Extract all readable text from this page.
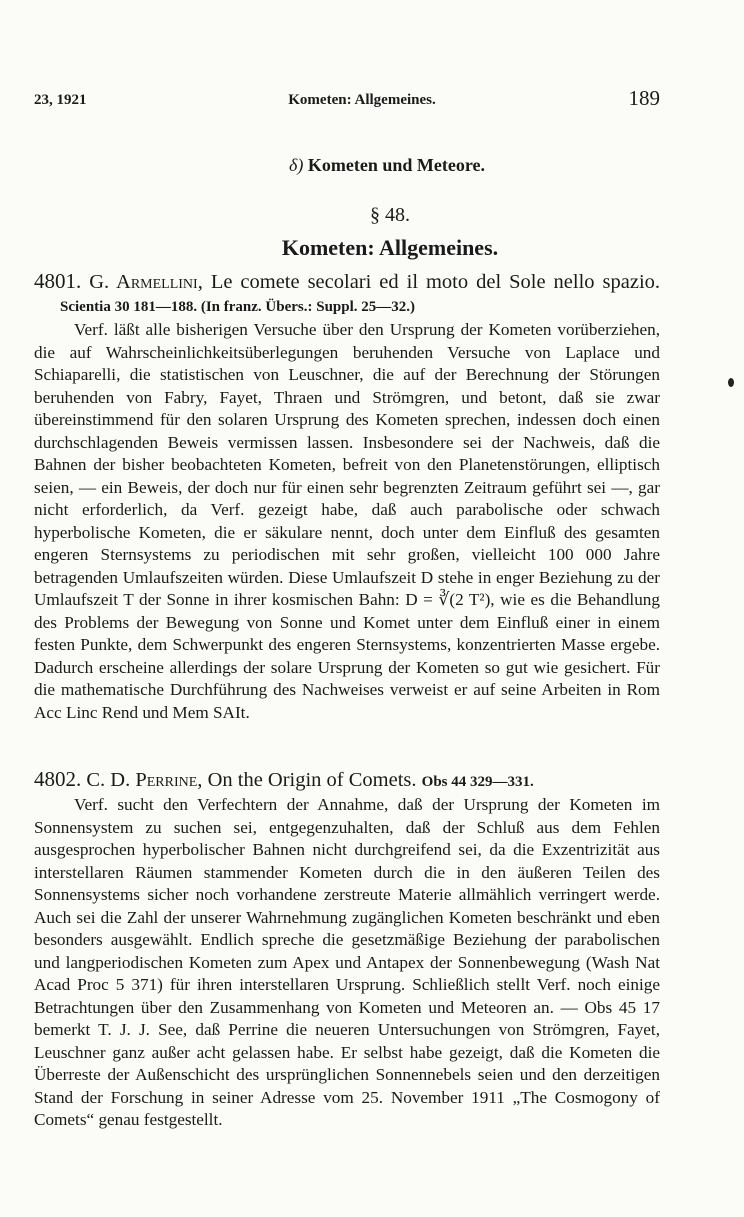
23, 1921	Kometen: Allgemeines.	189
δ) Kometen und Meteore.
§ 48.
Kometen: Allgemeines.
4801. G. Armellini, Le comete secolari ed il moto del Sole nello spazio. Scientia 30 181—188. (In franz. Übers.: Suppl. 25—32.)

Verf. läßt alle bisherigen Versuche über den Ursprung der Kometen vorüberziehen, die auf Wahrscheinlichkeitsüberlegungen beruhenden Versuche von Laplace und Schiaparelli, die statistischen von Leuschner, die auf der Berechnung der Störungen beruhenden von Fabry, Fayet, Thraen und Strömgren, und betont, daß sie zwar übereinstimmend für den solaren Ursprung des Kometen sprechen, indessen doch einen durchschlagenden Beweis vermissen lassen. Insbesondere sei der Nachweis, daß die Bahnen der bisher beobachteten Kometen, befreit von den Planetenstörungen, elliptisch seien, — ein Beweis, der doch nur für einen sehr begrenzten Zeitraum geführt sei —, gar nicht erforderlich, da Verf. gezeigt habe, daß auch parabolische oder schwach hyperbolische Kometen, die er säkulare nennt, doch unter dem Einfluß des gesamten engeren Sternsystems zu periodischen mit sehr großen, vielleicht 100 000 Jahre betragenden Umlaufszeiten würden. Diese Umlaufszeit D stehe in enger Beziehung zu der Umlaufszeit T der Sonne in ihrer kosmischen Bahn: D = ∛(2 T²), wie es die Behandlung des Problems der Bewegung von Sonne und Komet unter dem Einfluß einer in einem festen Punkte, dem Schwerpunkt des engeren Sternsystems, konzentrierten Masse ergebe. Dadurch erscheine allerdings der solare Ursprung der Kometen so gut wie gesichert. Für die mathematische Durchführung des Nachweises verweist er auf seine Arbeiten in Rom Acc Linc Rend und Mem SAIt.

4802. C. D. Perrine, On the Origin of Comets. Obs 44 329—331.

Verf. sucht den Verfechtern der Annahme, daß der Ursprung der Kometen im Sonnensystem zu suchen sei, entgegenzuhalten, daß der Schluß aus dem Fehlen ausgesprochen hyperbolischer Bahnen nicht durchgreifend sei, da die Exzentrizität aus interstellaren Räumen stammender Kometen durch die in den äußeren Teilen des Sonnensystems sicher noch vorhandene zerstreute Materie allmählich verringert werde. Auch sei die Zahl der unserer Wahrnehmung zugänglichen Kometen beschränkt und eben besonders ausgewählt. Endlich spreche die gesetzmäßige Beziehung der parabolischen und langperiodischen Kometen zum Apex und Antapex der Sonnenbewegung (Wash Nat Acad Proc 5 371) für ihren interstellaren Ursprung. Schließlich stellt Verf. noch einige Betrachtungen über den Zusammenhang von Kometen und Meteoren an. — Obs 45 17 bemerkt T. J. J. See, daß Perrine die neueren Untersuchungen von Strömgren, Fayet, Leuschner ganz außer acht gelassen habe. Er selbst habe gezeigt, daß die Kometen die Überreste der Außenschicht des ursprünglichen Sonnennebels seien und den derzeitigen Stand der Forschung in seiner Adresse vom 25. November 1911 „The Cosmogony of Comets“ genau festgestellt.
